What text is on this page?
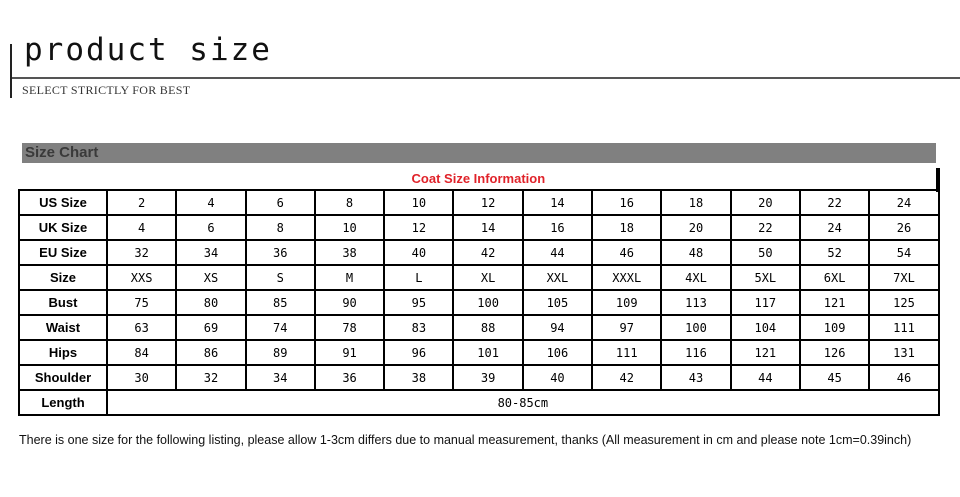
product size
SELECT STRICTLY FOR BEST
Size Chart
Coat Size Information												
US Size	2	4	6	8	10	12	14	16	18	20	22	24
UK Size	4	6	8	10	12	14	16	18	20	22	24	26
EU Size	32	34	36	38	40	42	44	46	48	50	52	54
Size	XXS	XS	S	M	L	XL	XXL	XXXL	4XL	5XL	6XL	7XL
Bust	75	80	85	90	95	100	105	109	113	117	121	125
Waist	63	69	74	78	83	88	94	97	100	104	109	111
Hips	84	86	89	91	96	101	106	111	116	121	126	131
Shoulder	30	32	34	36	38	39	40	42	43	44	45	46
Length	80-85cm											
There is one size for the following listing, please allow 1-3cm differs due to manual measurement, thanks (All measurement in cm and please note 1cm=0.39inch)
